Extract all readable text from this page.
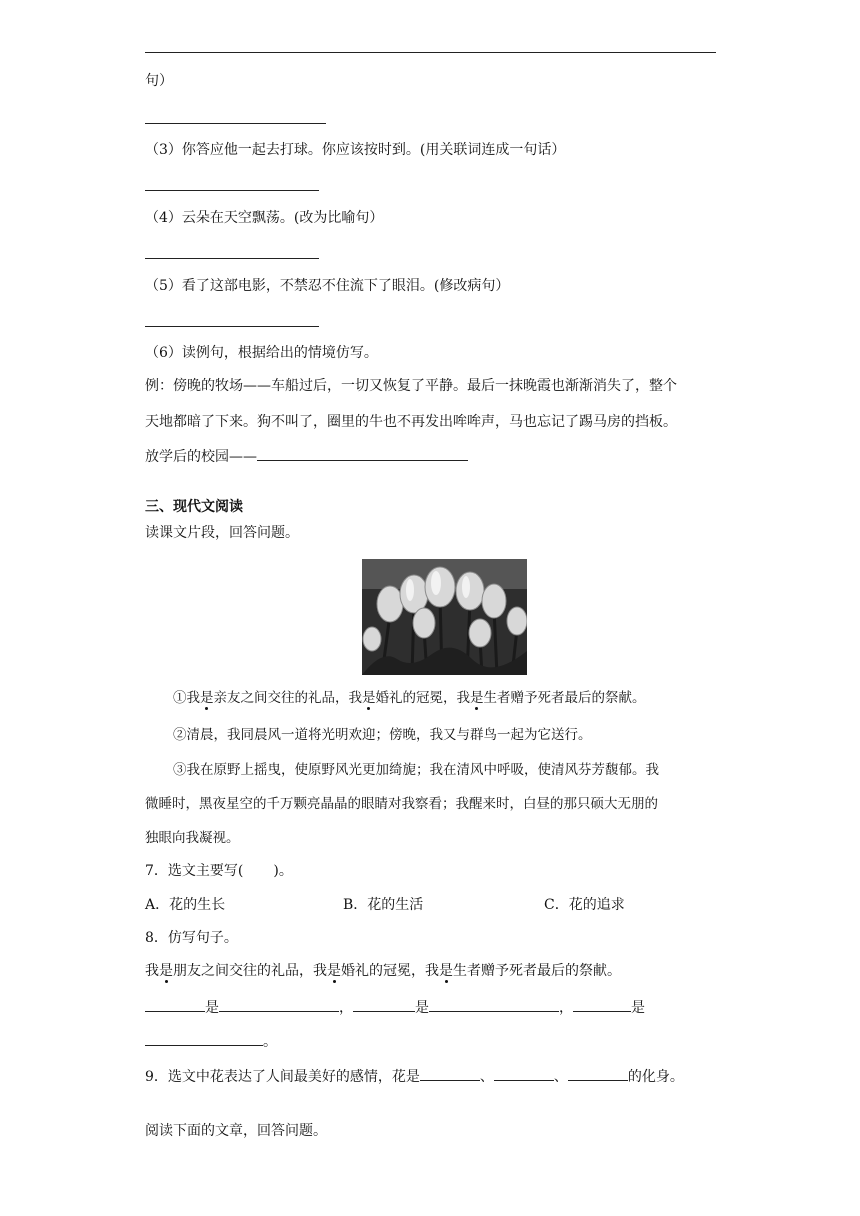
句）
（3）你答应他一起去打球。你应该按时到。(用关联词连成一句话）
（4）云朵在天空飘荡。(改为比喻句）
（5）看了这部电影，不禁忍不住流下了眼泪。(修改病句）
（6）读例句，根据给出的情境仿写。
例：傍晚的牧场——车船过后，一切又恢复了平静。最后一抹晚霞也渐渐消失了，整个
天地都暗了下来。狗不叫了，圈里的牛也不再发出哞哞声，马也忘记了踢马房的挡板。
放学后的校园——
三、现代文阅读
读课文片段，回答问题。
①我是亲友之间交往的礼品，我是婚礼的冠冕，我是生者赠予死者最后的祭献。
②清晨，我同晨风一道将光明欢迎；傍晚，我又与群鸟一起为它送行。
③我在原野上摇曳，使原野风光更加绮旎；我在清风中呼吸，使清风芬芳馥郁。我
微睡时，黑夜星空的千万颗亮晶晶的眼睛对我察看；我醒来时，白昼的那只硕大无朋的
独眼向我凝视。
7．选文主要写( )。
A．花的生长	B．花的生活	C．花的追求
8．仿写句子。
我是朋友之间交往的礼品，我是婚礼的冠冕，我是生者赠予死者最后的祭献。
是	，	是	，	是
。
9．选文中花表达了人间最美好的感情，花是	、	、	的化身。
阅读下面的文章，回答问题。
